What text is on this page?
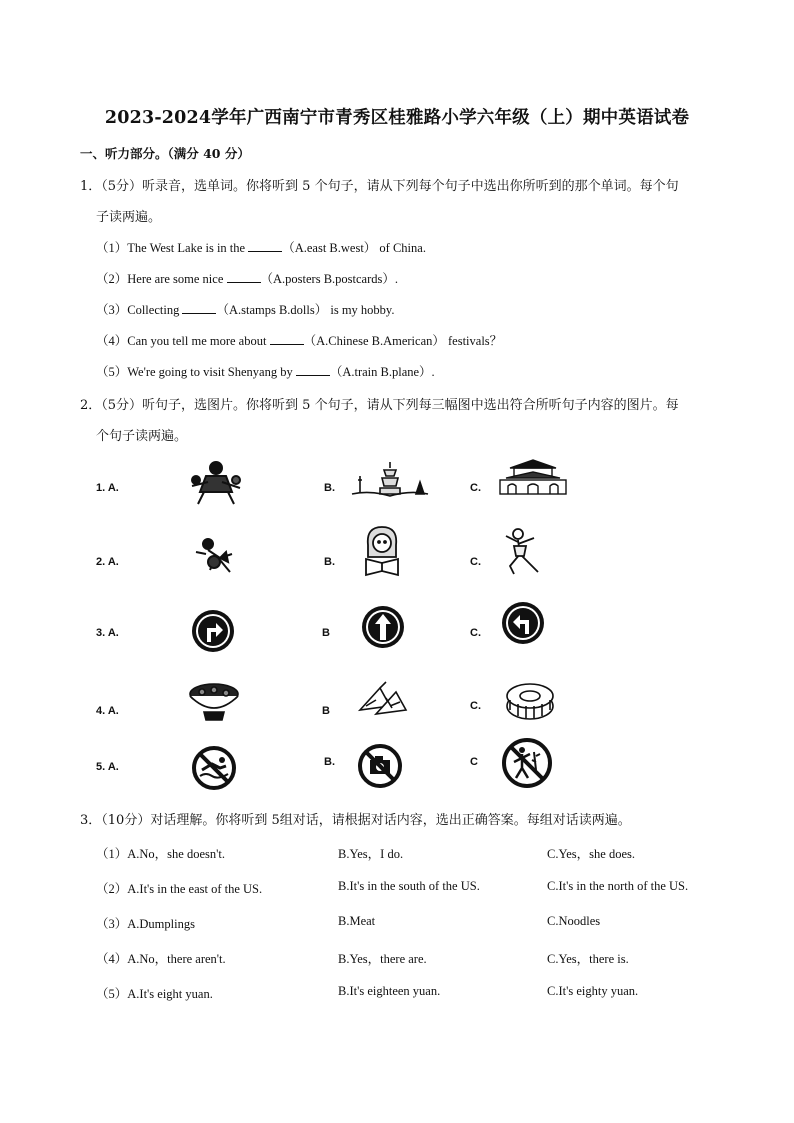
2023-2024学年广西南宁市青秀区桂雅路小学六年级（上）期中英语试卷
一、听力部分。（满分 40 分）
1．（5分）听录音，选单词。你将听到 5 个句子，请从下列每个句子中选出你所听到的那个单词。每个句
子读两遍。
（1）The West Lake is in the	（A.east B.west） of China.
（2）Here are some nice	（A.posters B.postcards）.
（3）Collecting	（A.stamps B.dolls） is my hobby.
（4）Can you tell me more about	（A.Chinese B.American） festivals？
（5）We're going to visit Shenyang by	（A.train B.plane）.
2．（5分）听句子，选图片。你将听到 5 个句子，请从下列每三幅图中选出符合所听句子内容的图片。每
个句子读两遍。
1. A.	B.	C.
2. A.	B.	C.
3. A.	B	C.
4. A.	B	C.
5. A.	B.	C
3．（10分）对话理解。你将听到 5组对话，请根据对话内容，选出正确答案。每组对话读两遍。
（1）A.No，she doesn't.	B.Yes，I do.	C.Yes，she does.
（2）A.It's in the east of the US.	B.It's in the south of the US.	C.It's in the north of the US.
（3）A.Dumplings	B.Meat	C.Noodles
（4）A.No，there aren't.	B.Yes，there are.	C.Yes，there is.
（5）A.It's eight yuan.	B.It's eighteen yuan.	C.It's eighty yuan.
